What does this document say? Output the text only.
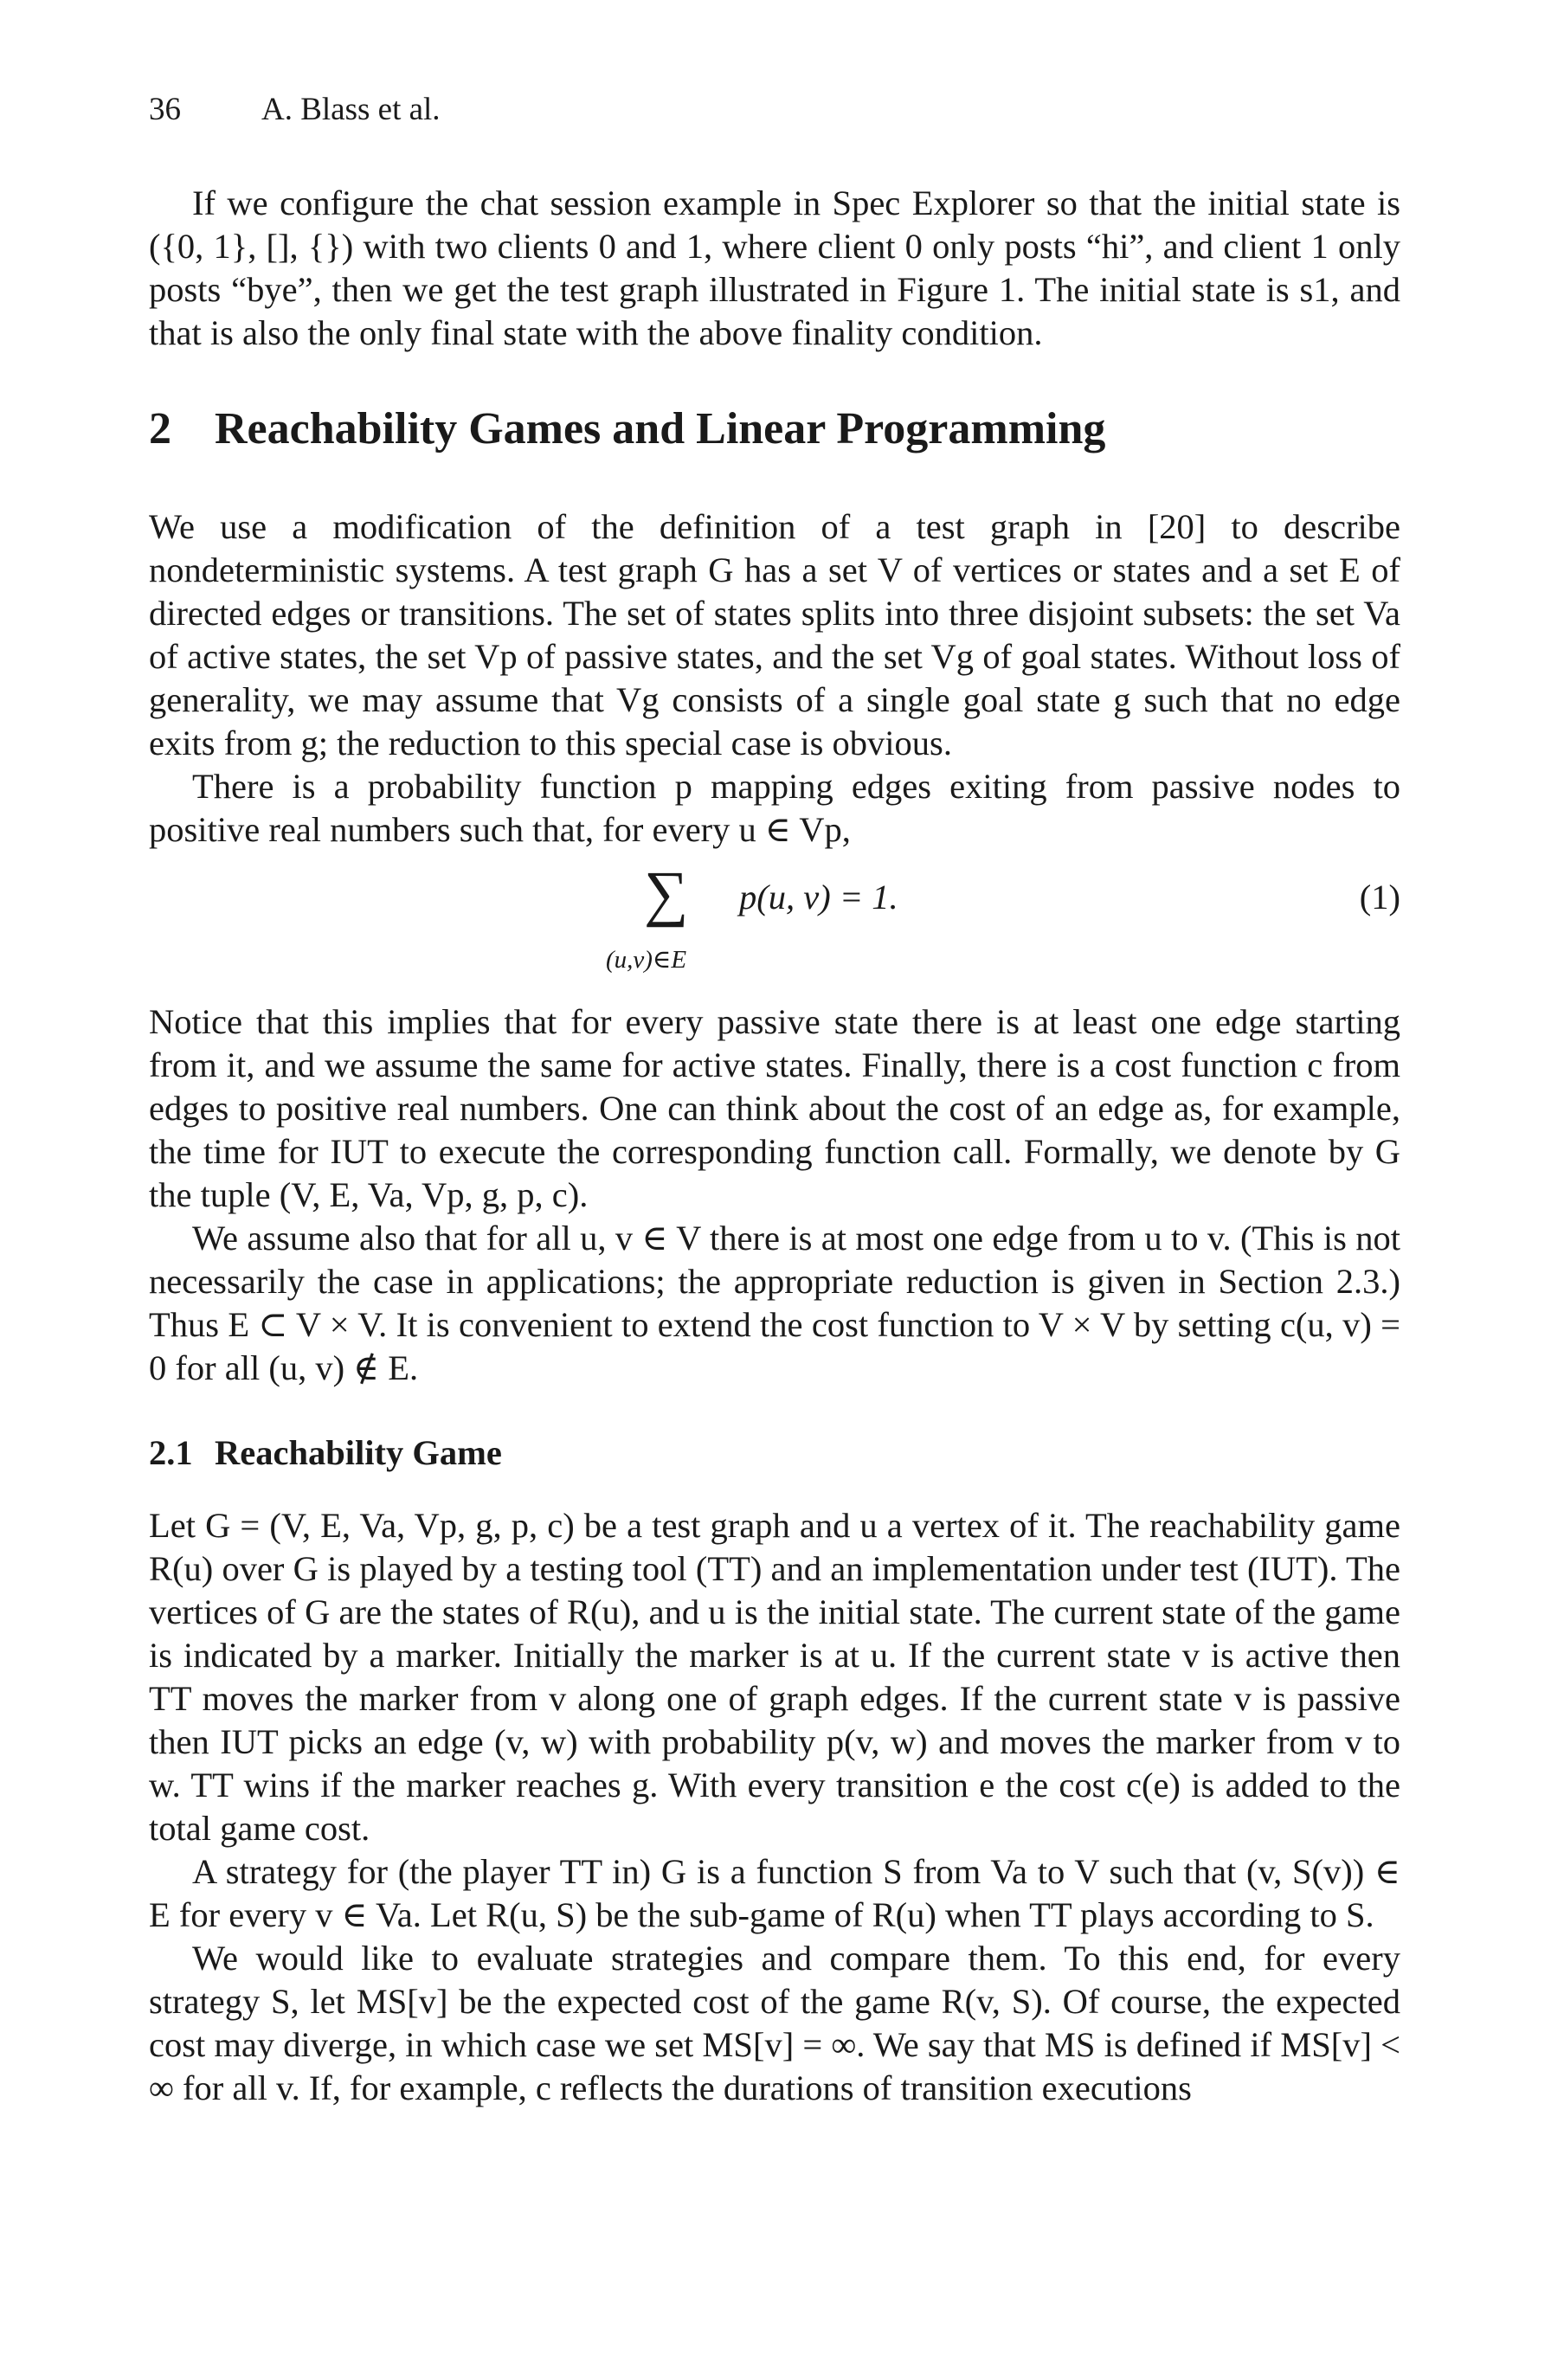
36	A. Blass et al.

If we configure the chat session example in Spec Explorer so that the initial state is ({0, 1}, [], {}) with two clients 0 and 1, where client 0 only posts “hi”, and client 1 only posts “bye”, then we get the test graph illustrated in Figure 1. The initial state is s1, and that is also the only final state with the above finality condition.

2 Reachability Games and Linear Programming

We use a modification of the definition of a test graph in [20] to describe nondeterministic systems. A test graph G has a set V of vertices or states and a set E of directed edges or transitions. The set of states splits into three disjoint subsets: the set Va of active states, the set Vp of passive states, and the set Vg of goal states. Without loss of generality, we may assume that Vg consists of a single goal state g such that no edge exits from g; the reduction to this special case is obvious.

There is a probability function p mapping edges exiting from passive nodes to positive real numbers such that, for every u ∈ Vp,

∑
(u,v)∈E
p(u, v) = 1.	(1)

Notice that this implies that for every passive state there is at least one edge starting from it, and we assume the same for active states. Finally, there is a cost function c from edges to positive real numbers. One can think about the cost of an edge as, for example, the time for IUT to execute the corresponding function call. Formally, we denote by G the tuple (V, E, Va, Vp, g, p, c).

We assume also that for all u, v ∈ V there is at most one edge from u to v. (This is not necessarily the case in applications; the appropriate reduction is given in Section 2.3.) Thus E ⊂ V × V. It is convenient to extend the cost function to V × V by setting c(u, v) = 0 for all (u, v) ∉ E.

2.1 Reachability Game

Let G = (V, E, Va, Vp, g, p, c) be a test graph and u a vertex of it. The reachability game R(u) over G is played by a testing tool (TT) and an implementation under test (IUT). The vertices of G are the states of R(u), and u is the initial state. The current state of the game is indicated by a marker. Initially the marker is at u. If the current state v is active then TT moves the marker from v along one of graph edges. If the current state v is passive then IUT picks an edge (v, w) with probability p(v, w) and moves the marker from v to w. TT wins if the marker reaches g. With every transition e the cost c(e) is added to the total game cost.

A strategy for (the player TT in) G is a function S from Va to V such that (v, S(v)) ∈ E for every v ∈ Va. Let R(u, S) be the sub-game of R(u) when TT plays according to S.

We would like to evaluate strategies and compare them. To this end, for every strategy S, let MS[v] be the expected cost of the game R(v, S). Of course, the expected cost may diverge, in which case we set MS[v] = ∞. We say that MS is defined if MS[v] < ∞ for all v. If, for example, c reflects the durations of transition executions
